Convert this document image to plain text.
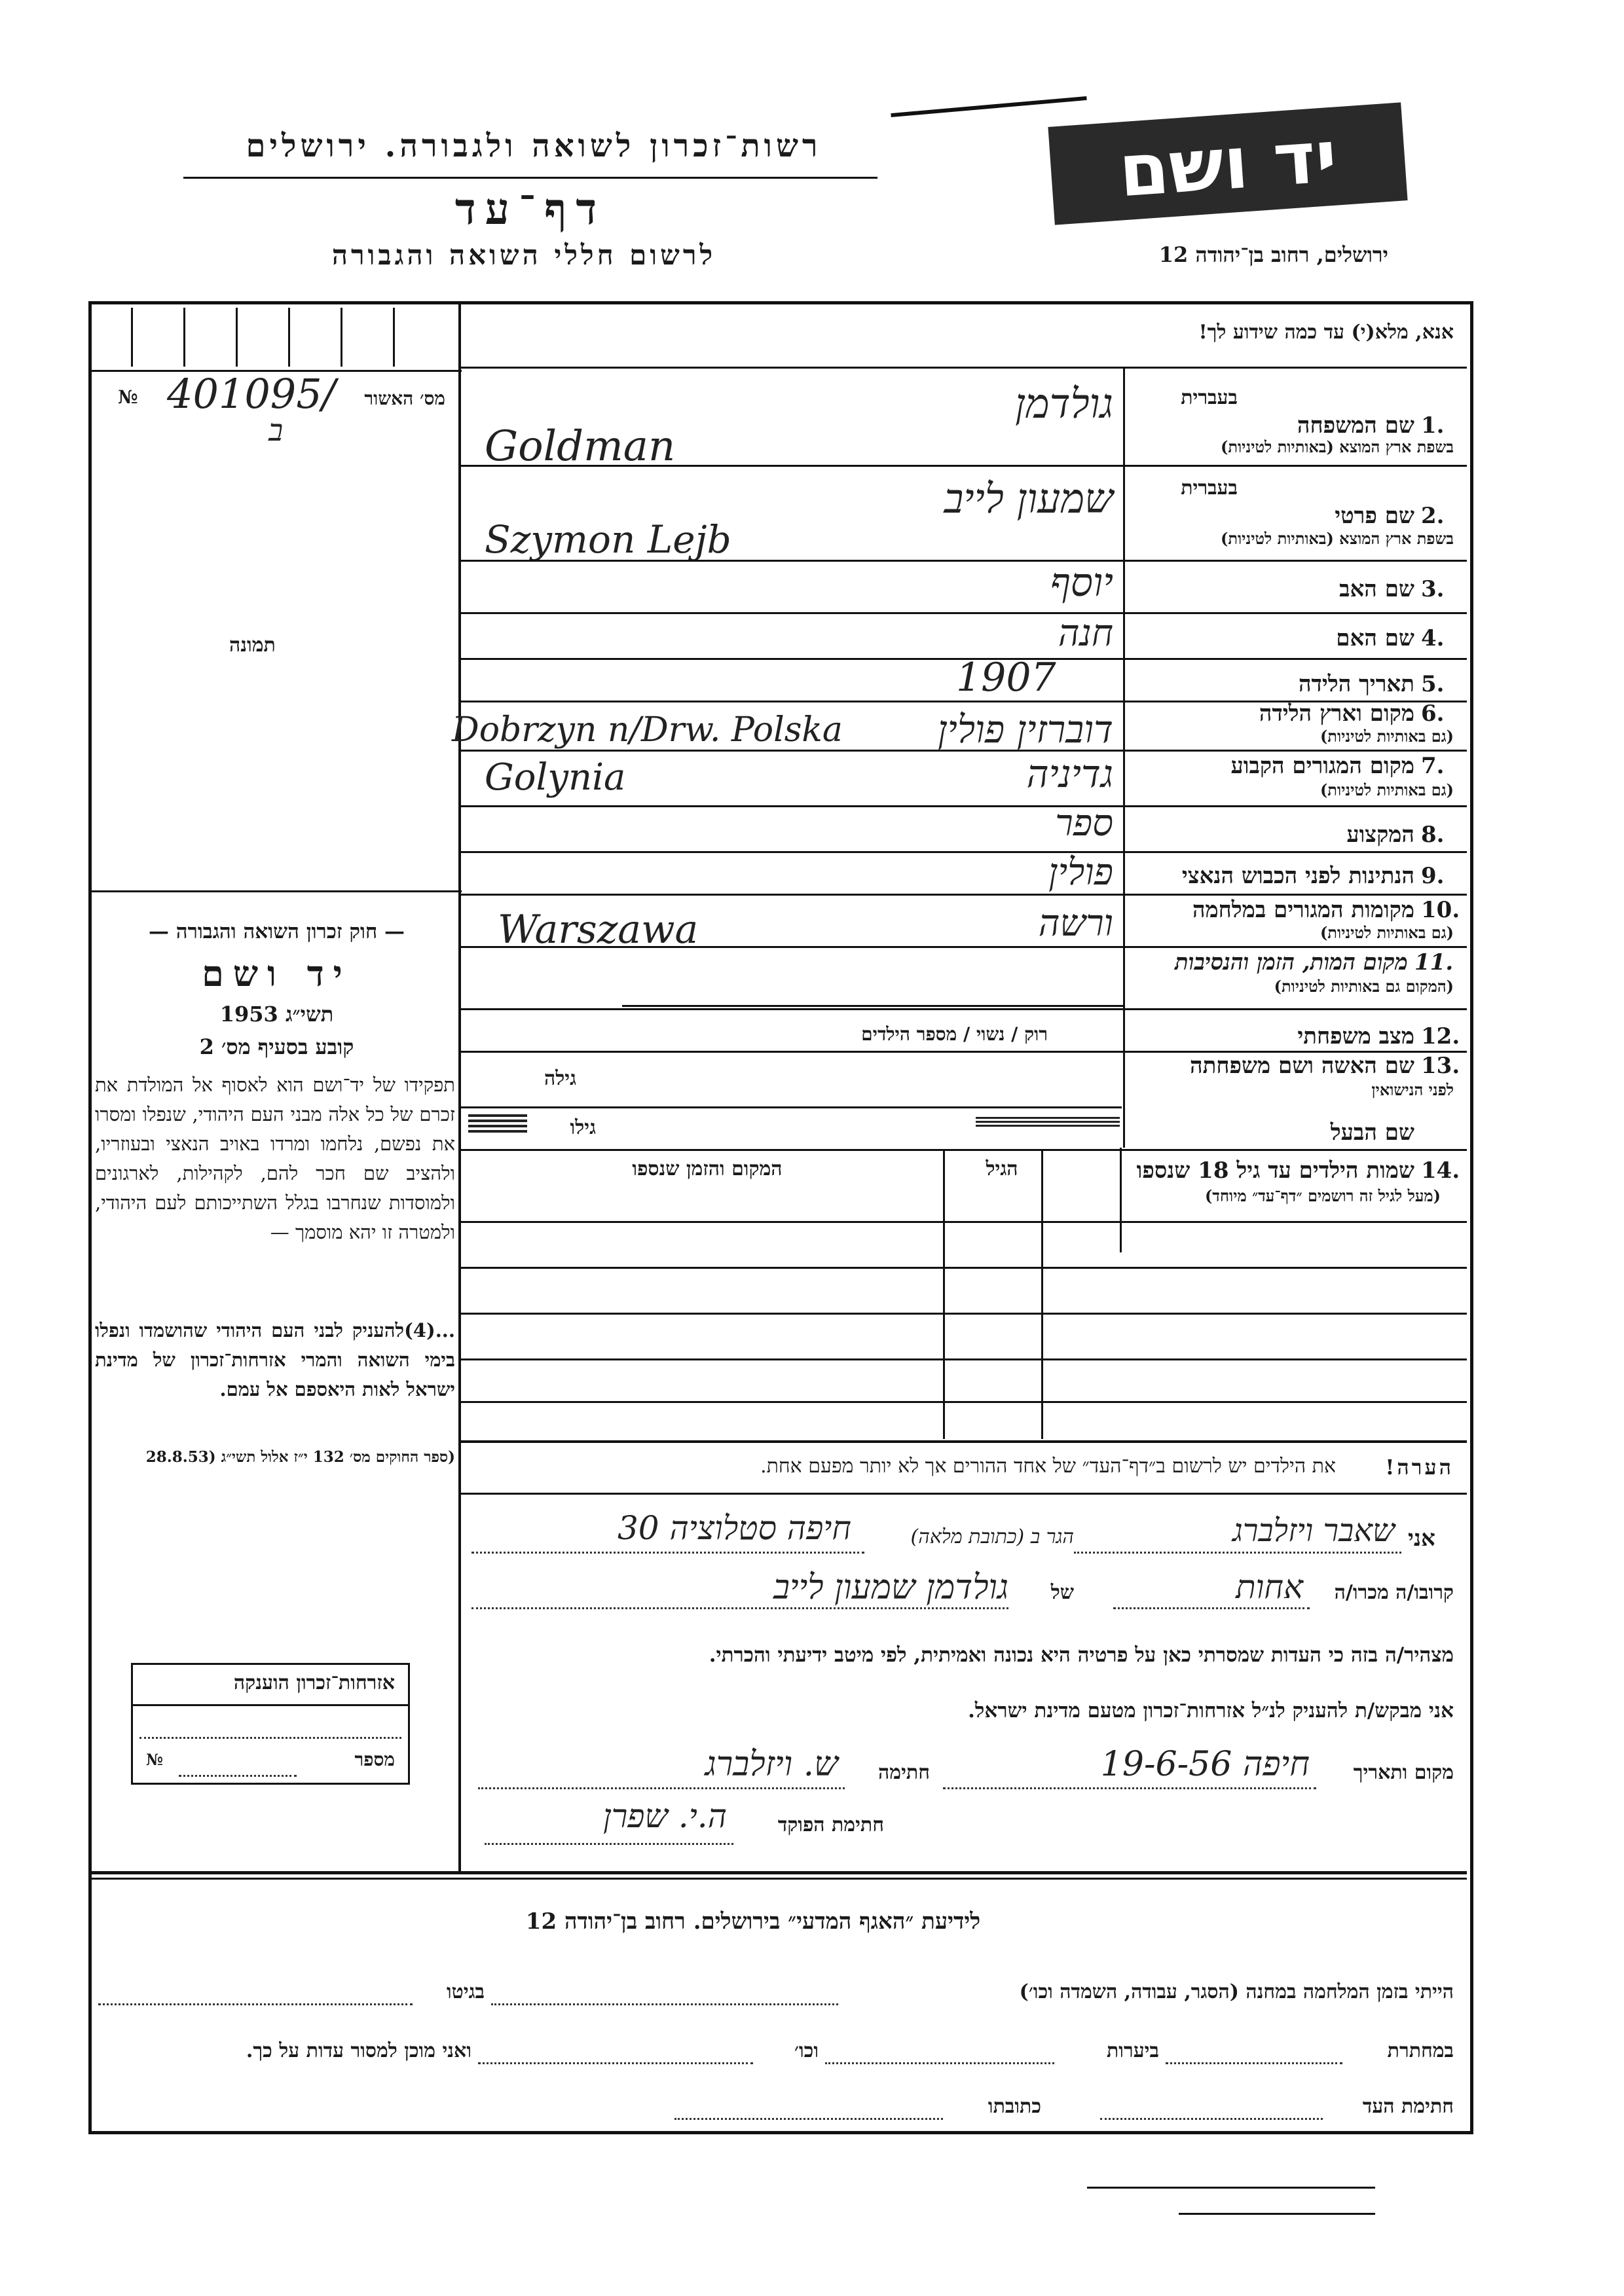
יד ושם
רשות־זכרון לשואה ולגבורה. ירושלים
דף־עד
לרשום חללי השואה והגבורה	ירושלים, רחוב בן־יהודה 12
№ 401095/
ב
מס׳ האשור
תמונה
— חוק זכרון השואה והגבורה —
יד ושם
תשי״ג 1953
קובע בסעיף מס׳ 2
תפקידו של יד־ושם הוא לאסוף אל המולדת את זכרם של כל אלה מבני העם היהודי, שנפלו ומסרו את נפשם, נלחמו ומרדו באויב הנאצי ובעוזריו, ולהציב שם חכר להם, לקהילות, לארגונים ולמוסדות שנחרבו בגלל השתייכותם לעם היהודי, ולמטרה זו יהא מוסמך —
...(4)להעניק לבני העם היהודי שהושמדו ונפלו בימי השואה והמרי אזרחות־זכרון של מדינת ישראל לאות היאספם אל עמם.
(ספר החוקים מס׳ 132 י״ז אלול תשי״ג (28.8.53
אזרחות־זכרון הוענקה
№	מספר
אנא, מלא(י) עד כמה שידוע לך!
1.
שם המשפחה
בשפת ארץ המוצא (באותיות לטיניות)
בעברית
גולדמן
Goldman
2.
שם פרטי
בשפת ארץ המוצא (באותיות לטיניות)
בעברית
שמעון לייב
Szymon Lejb
3.
שם האב
יוסף
4.
שם האם
חנה
5.
תאריך הלידה
1907
6.
מקום וארץ הלידה
(גם באותיות לטיניות)
דוברזין פולין
Dobrzyn n/Drw. Polska
7.
מקום המגורים הקבוע
(גם באותיות לטיניות)
גדיניה
Golynia
8.
המקצוע
ספר
9.
הנתינות לפני הכבוש הנאצי
פולין
10.
מקומות המגורים במלחמה
(גם באותיות לטיניות)
ורשה
Warszawa
11.
מקום המות, הזמן והנסיבות
(המקום גם באותיות לטיניות)
12.
מצב משפחתי
רוק / נשוי / מספר הילדים
13.
שם האשה ושם משפחתה
לפני הנישואין
גילה
גילו	שם הבעל
14.
שמות הילדים עד גיל 18 שנספו
(מעל לגיל זה רושמים ״דף־עד״ מיוחד)
הגיל
המקום והזמן שנספו
הערה!
את הילדים יש לרשום ב״דף־העד״ של אחד ההורים אך לא יותר מפעם אחת.
אני
שאבר ויזלברג
הגר ב (כתובת מלאה)
חיפה סטלוציה 30
קרובו/ה מכרו/ה
אחות
של
גולדמן שמעון לייב
מצהיר/ה בזה כי העדות שמסרתי כאן על פרטיה היא נכונה ואמיתית, לפי מיטב ידיעתי והכרתי.
אני מבקש/ת להעניק לנ״ל אזרחות־זכרון מטעם מדינת ישראל.
מקום ותאריך
חיפה 19-6-56
חתימה
ש. ויזלברג
חתימת הפוקד
ה.י. שפרן
לידיעת ״האגף המדעי״ בירושלים. רחוב בן־יהודה 12
הייתי בזמן המלחמה במחנה (הסגר, עבודה, השמדה וכו׳)
בגיטו
במחתרת
ביערות
וכו׳
ואני מוכן למסור עדות על כך.
חתימת העד
כתובתו
